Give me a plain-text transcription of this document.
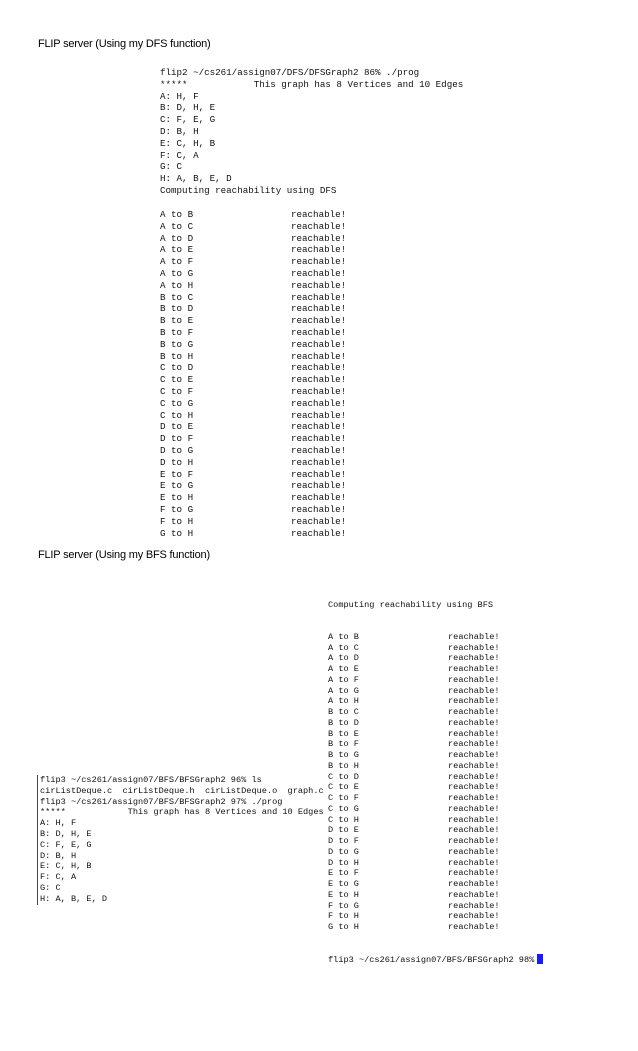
FLIP server (Using my DFS function)
flip2 ~/cs261/assign07/DFS/DFSGraph2 86% ./prog
*****            This graph has 8 Vertices and 10 Edges
A: H, F
B: D, H, E
C: F, E, G
D: B, H
E: C, H, B
F: C, A
G: C
H: A, B, E, D
Computing reachability using DFS
A to B	reachable!
A to C	reachable!
A to D	reachable!
A to E	reachable!
A to F	reachable!
A to G	reachable!
A to H	reachable!
B to C	reachable!
B to D	reachable!
B to E	reachable!
B to F	reachable!
B to G	reachable!
B to H	reachable!
C to D	reachable!
C to E	reachable!
C to F	reachable!
C to G	reachable!
C to H	reachable!
D to E	reachable!
D to F	reachable!
D to G	reachable!
D to H	reachable!
E to F	reachable!
E to G	reachable!
E to H	reachable!
F to G	reachable!
F to H	reachable!
G to H	reachable!
FLIP server (Using my BFS function)
flip3 ~/cs261/assign07/BFS/BFSGraph2 96% ls
cirListDeque.c  cirListDeque.h  cirListDeque.o  graph.c
flip3 ~/cs261/assign07/BFS/BFSGraph2 97% ./prog
*****            This graph has 8 Vertices and 10 Edges
A: H, F
B: D, H, E
C: F, E, G
D: B, H
E: C, H, B
F: C, A
G: C
H: A, B, E, D

Computing reachability using BFS

A to B	reachable!
A to C	reachable!
A to D	reachable!
A to E	reachable!
A to F	reachable!
A to G	reachable!
A to H	reachable!
B to C	reachable!
B to D	reachable!
B to E	reachable!
B to F	reachable!
B to G	reachable!
B to H	reachable!
C to D	reachable!
C to E	reachable!
C to F	reachable!
C to G	reachable!
C to H	reachable!
D to E	reachable!
D to F	reachable!
D to G	reachable!
D to H	reachable!
E to F	reachable!
E to G	reachable!
E to H	reachable!
F to G	reachable!
F to H	reachable!
G to H	reachable!

flip3 ~/cs261/assign07/BFS/BFSGraph2 98%
